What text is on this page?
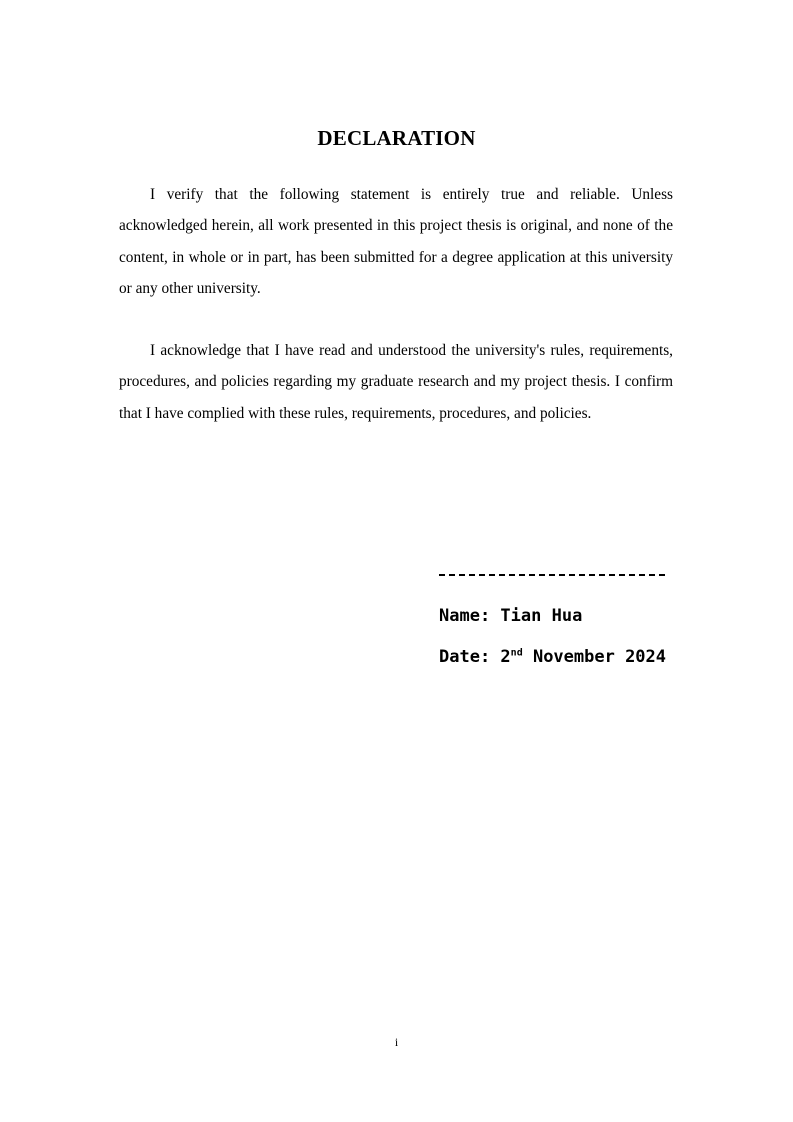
DECLARATION

I verify that the following statement is entirely true and reliable. Unless acknowledged herein, all work presented in this project thesis is original, and none of the content, in whole or in part, has been submitted for a degree application at this university or any other university.

I acknowledge that I have read and understood the university's rules, requirements, procedures, and policies regarding my graduate research and my project thesis. I confirm that I have complied with these rules, requirements, procedures, and policies.

Name: Tian Hua
Date: 2nd November 2024
i
